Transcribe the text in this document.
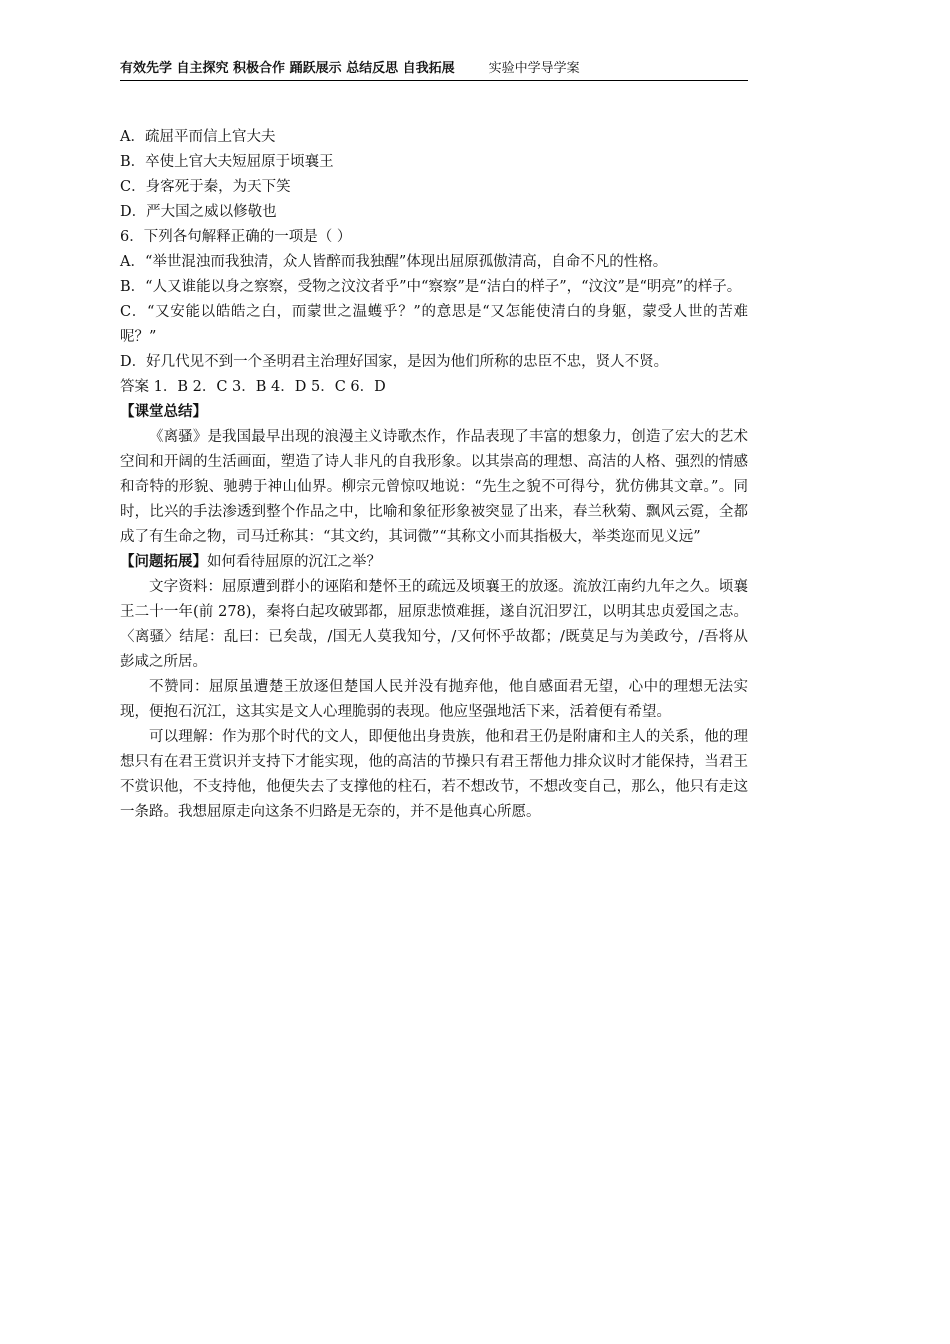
有效先学 自主探究 积极合作 踊跃展示 总结反思 自我拓展	实验中学导学案

A．疏屈平而信上官大夫

B．卒使上官大夫短屈原于顷襄王

C．身客死于秦，为天下笑

D．严大国之威以修敬也

6．下列各句解释正确的一项是（ ）

A．“举世混浊而我独清，众人皆醉而我独醒”体现出屈原孤傲清高，自命不凡的性格。

B．“人又谁能以身之察察，受物之汶汶者乎”中“察察”是“洁白的样子”，“汶汶”是“明亮”的样子。

C．“又安能以皓皓之白，而蒙世之温蠖乎？”的意思是“又怎能使清白的身躯，蒙受人世的苦难呢？”

D．好几代见不到一个圣明君主治理好国家，是因为他们所称的忠臣不忠，贤人不贤。

答案 1．B 2．C 3．B 4．D 5．C 6．D

【课堂总结】

《离骚》是我国最早出现的浪漫主义诗歌杰作，作品表现了丰富的想象力，创造了宏大的艺术空间和开阔的生活画面，塑造了诗人非凡的自我形象。以其崇高的理想、高洁的人格、强烈的情感和奇特的形貌、驰骋于神山仙界。柳宗元曾惊叹地说：“先生之貌不可得兮，犹仿佛其文章。”。同时，比兴的手法渗透到整个作品之中，比喻和象征形象被突显了出来，春兰秋菊、飘风云霓，全都成了有生命之物，司马迁称其：“其文约，其词微”“其称文小而其指极大，举类迩而见义远”

【问题拓展】如何看待屈原的沉江之举？

文字资料：屈原遭到群小的诬陷和楚怀王的疏远及顷襄王的放逐。流放江南约九年之久。顷襄王二十一年(前 278)，秦将白起攻破郢都，屈原悲愤难捱，遂自沉汨罗江，以明其忠贞爱国之志。〈离骚〉结尾：乱曰：已矣哉，/国无人莫我知兮，/又何怀乎故都；/既莫足与为美政兮，/吾将从彭咸之所居。

不赞同：屈原虽遭楚王放逐但楚国人民并没有抛弃他，他自感面君无望，心中的理想无法实现，便抱石沉江，这其实是文人心理脆弱的表现。他应坚强地活下来，活着便有希望。

可以理解：作为那个时代的文人，即便他出身贵族，他和君王仍是附庸和主人的关系，他的理想只有在君王赏识并支持下才能实现，他的高洁的节操只有君王帮他力排众议时才能保持，当君王不赏识他，不支持他，他便失去了支撑他的柱石，若不想改节，不想改变自己，那么，他只有走这一条路。我想屈原走向这条不归路是无奈的，并不是他真心所愿。
